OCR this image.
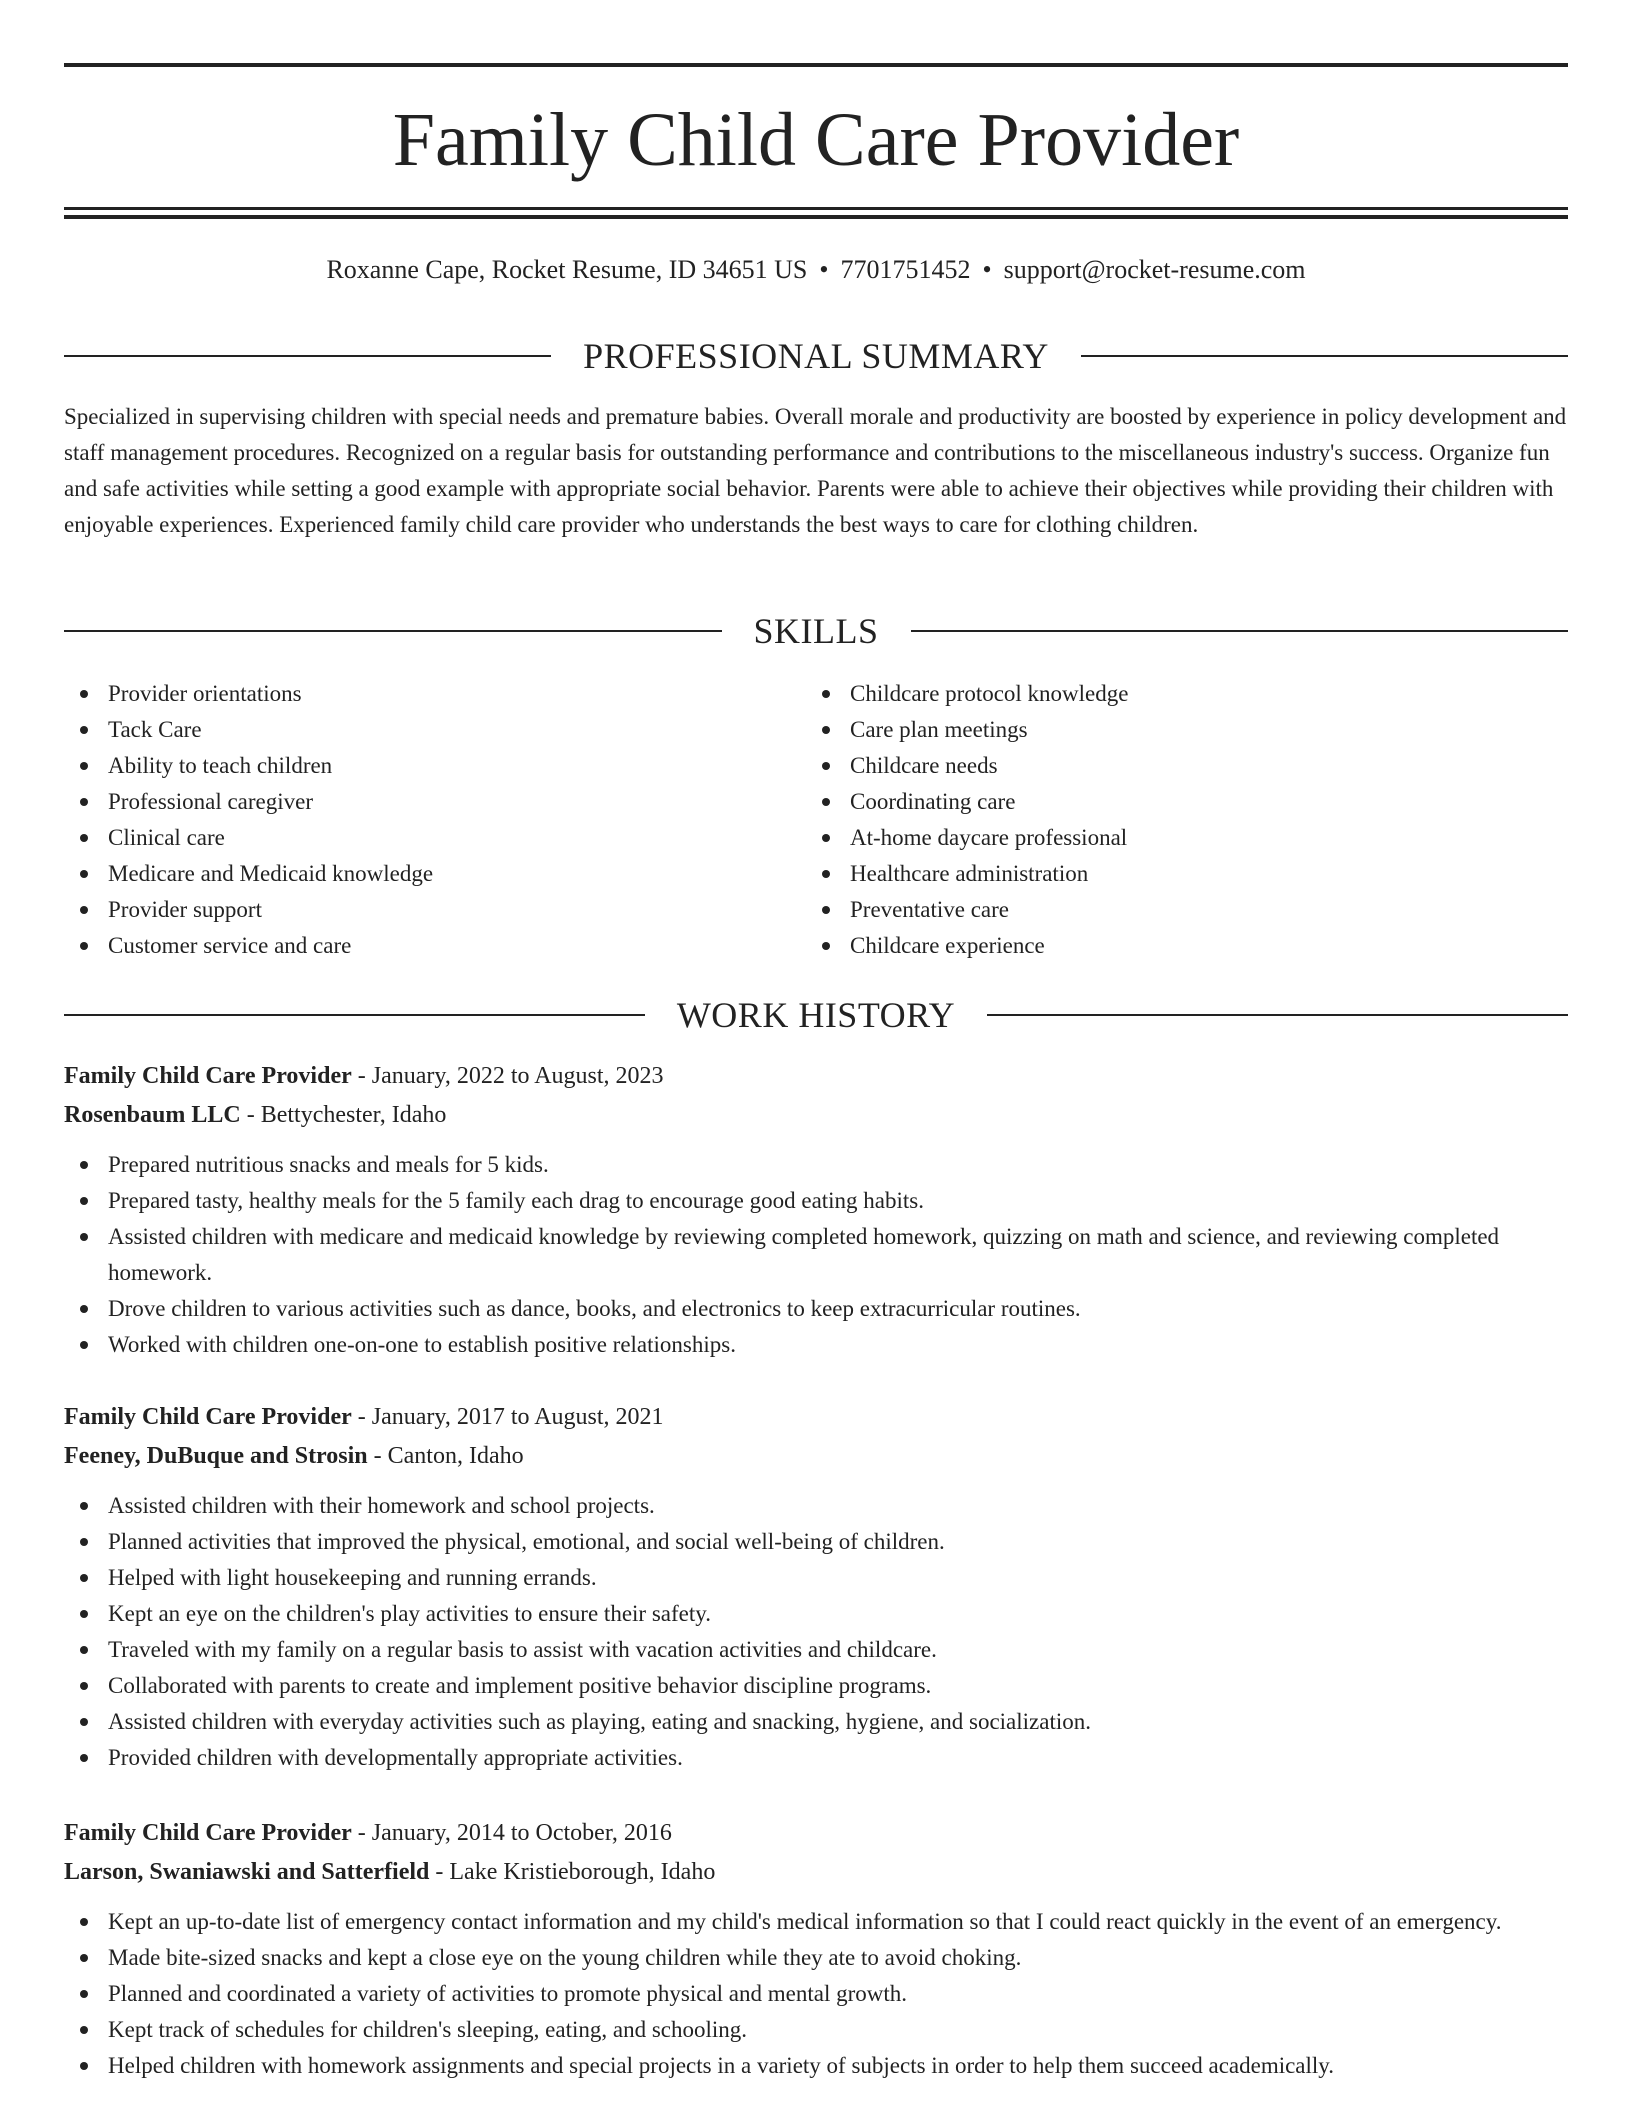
Family Child Care Provider
Roxanne Cape, Rocket Resume, ID 34651 US • 7701751452 • support@rocket-resume.com
PROFESSIONAL SUMMARY

Specialized in supervising children with special needs and premature babies. Overall morale and productivity are boosted by experience in policy development and staff management procedures. Recognized on a regular basis for outstanding performance and contributions to the miscellaneous industry's success. Organize fun and safe activities while setting a good example with appropriate social behavior. Parents were able to achieve their objectives while providing their children with enjoyable experiences. Experienced family child care provider who understands the best ways to care for clothing children.

SKILLS
Provider orientations
Tack Care
Ability to teach children
Professional caregiver
Clinical care
Medicare and Medicaid knowledge
Provider support
Customer service and care
Childcare protocol knowledge
Care plan meetings
Childcare needs
Coordinating care
At-home daycare professional
Healthcare administration
Preventative care
Childcare experience
WORK HISTORY
Family Child Care Provider - January, 2022 to August, 2023
Rosenbaum LLC - Bettychester, Idaho
Prepared nutritious snacks and meals for 5 kids.
Prepared tasty, healthy meals for the 5 family each drag to encourage good eating habits.
Assisted children with medicare and medicaid knowledge by reviewing completed homework, quizzing on math and science, and reviewing completed homework.
Drove children to various activities such as dance, books, and electronics to keep extracurricular routines.
Worked with children one-on-one to establish positive relationships.
Family Child Care Provider - January, 2017 to August, 2021
Feeney, DuBuque and Strosin - Canton, Idaho
Assisted children with their homework and school projects.
Planned activities that improved the physical, emotional, and social well-being of children.
Helped with light housekeeping and running errands.
Kept an eye on the children's play activities to ensure their safety.
Traveled with my family on a regular basis to assist with vacation activities and childcare.
Collaborated with parents to create and implement positive behavior discipline programs.
Assisted children with everyday activities such as playing, eating and snacking, hygiene, and socialization.
Provided children with developmentally appropriate activities.
Family Child Care Provider - January, 2014 to October, 2016
Larson, Swaniawski and Satterfield - Lake Kristieborough, Idaho
Kept an up-to-date list of emergency contact information and my child's medical information so that I could react quickly in the event of an emergency.
Made bite-sized snacks and kept a close eye on the young children while they ate to avoid choking.
Planned and coordinated a variety of activities to promote physical and mental growth.
Kept track of schedules for children's sleeping, eating, and schooling.
Helped children with homework assignments and special projects in a variety of subjects in order to help them succeed academically.
